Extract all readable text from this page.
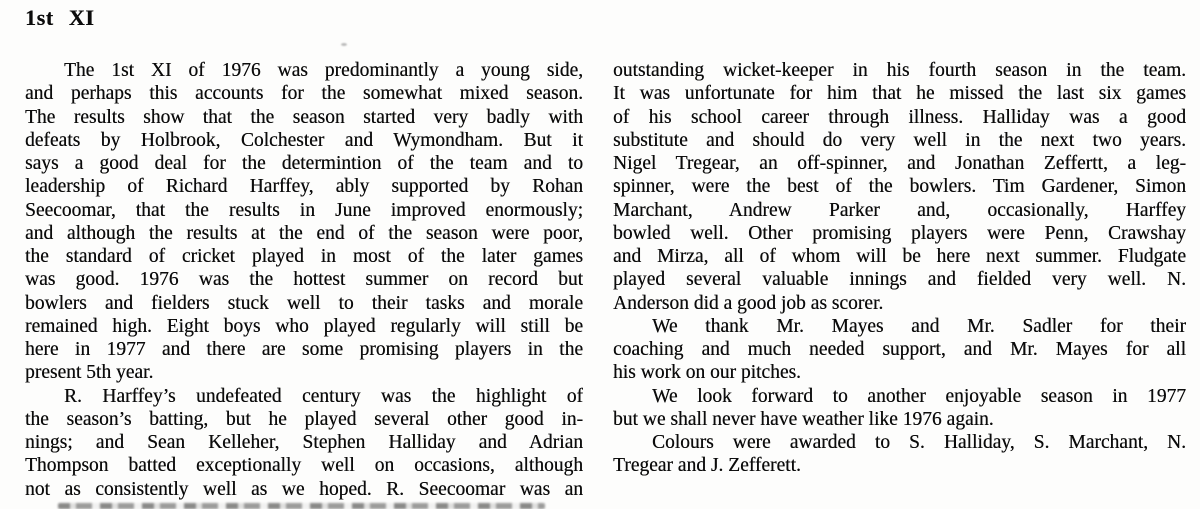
1st XI
The 1st XI of 1976 was predominantly a young side,
and perhaps this accounts for the somewhat mixed season.
The results show that the season started very badly with
defeats by Holbrook, Colchester and Wymondham. But it
says a good deal for the determintion of the team and to
leadership of Richard Harffey, ably supported by Rohan
Seecoomar, that the results in June improved enormously;
and although the results at the end of the season were poor,
the standard of cricket played in most of the later games
was good. 1976 was the hottest summer on record but
bowlers and fielders stuck well to their tasks and morale
remained high. Eight boys who played regularly will still be
here in 1977 and there are some promising players in the
present 5th year.
R. Harffey’s undefeated century was the highlight of
the season’s batting, but he played several other good in-
nings; and Sean Kelleher, Stephen Halliday and Adrian
Thompson batted exceptionally well on occasions, although
not as consistently well as we hoped. R. Seecoomar was an
outstanding wicket-keeper in his fourth season in the team.
It was unfortunate for him that he missed the last six games
of his school career through illness. Halliday was a good
substitute and should do very well in the next two years.
Nigel Tregear, an off-spinner, and Jonathan Zeffertt, a leg-
spinner, were the best of the bowlers. Tim Gardener, Simon
Marchant, Andrew Parker and, occasionally, Harffey
bowled well. Other promising players were Penn, Crawshay
and Mirza, all of whom will be here next summer. Fludgate
played several valuable innings and fielded very well. N.
Anderson did a good job as scorer.
We thank Mr. Mayes and Mr. Sadler for their
coaching and much needed support, and Mr. Mayes for all
his work on our pitches.
We look forward to another enjoyable season in 1977
but we shall never have weather like 1976 again.
Colours were awarded to S. Halliday, S. Marchant, N.
Tregear and J. Zefferett.
